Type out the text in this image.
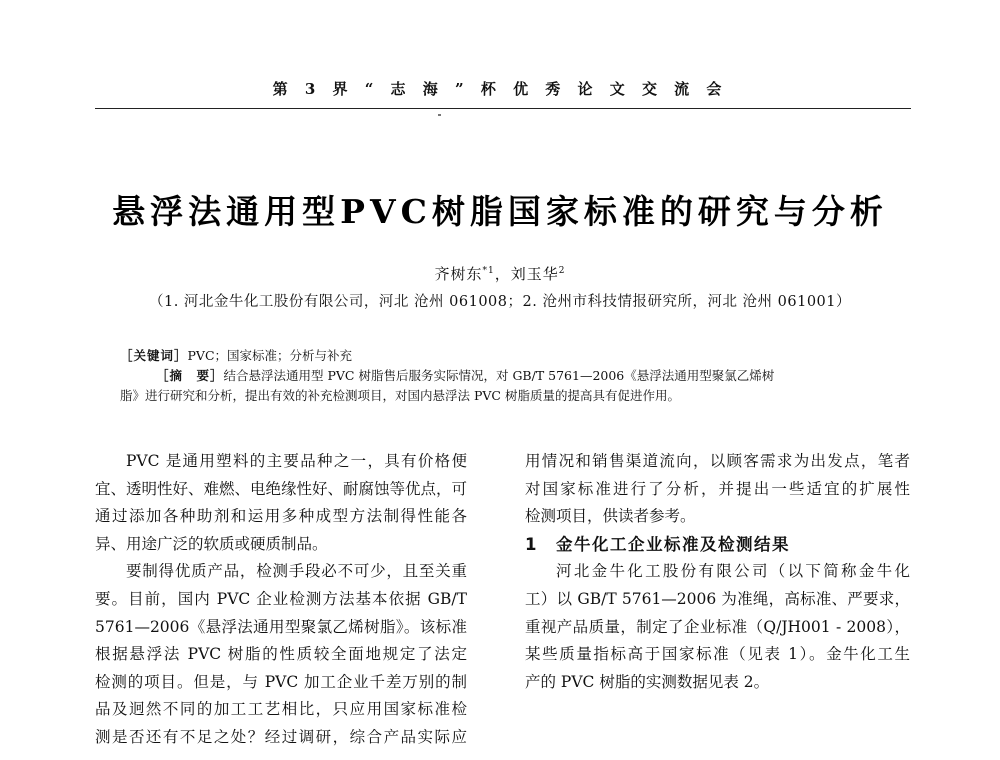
第 3 界 “ 志 海 ” 杯 优 秀 论 文 交 流 会
悬浮法通用型PVC树脂国家标准的研究与分析
齐树东$^{*1}$，刘玉华$^2$
（1. 河北金牛化工股份有限公司，河北 沧州 061008；2. 沧州市科技情报研究所，河北 沧州 061001）
［关键词］PVC；国家标准；分析与补充
［摘　要］结合悬浮法通用型 PVC 树脂售后服务实际情况，对 GB/T 5761—2006《悬浮法通用型聚氯乙烯树
脂》进行研究和分析，提出有效的补充检测项目，对国内悬浮法 PVC 树脂质量的提高具有促进作用。
PVC 是通用塑料的主要品种之一，具有价格便
宜、透明性好、难燃、电绝缘性好、耐腐蚀等优点，可
通过添加各种助剂和运用多种成型方法制得性能各
异、用途广泛的软质或硬质制品。
要制得优质产品，检测手段必不可少，且至关重
要。目前，国内 PVC 企业检测方法基本依据 GB/T
5761—2006《悬浮法通用型聚氯乙烯树脂》。该标准
根据悬浮法 PVC 树脂的性质较全面地规定了法定
检测的项目。但是，与 PVC 加工企业千差万别的制
品及迥然不同的加工工艺相比，只应用国家标准检
测是否还有不足之处？经过调研，综合产品实际应
用情况和销售渠道流向，以顾客需求为出发点，笔者
对国家标准进行了分析，并提出一些适宜的扩展性
检测项目，供读者参考。
1　金牛化工企业标准及检测结果
河北金牛化工股份有限公司（以下简称金牛化
工）以 GB/T 5761—2006 为准绳，高标准、严要求，
重视产品质量，制定了企业标准（Q/JH001 - 2008），
某些质量指标高于国家标准（见表 1）。金牛化工生
产的 PVC 树脂的实测数据见表 2。
